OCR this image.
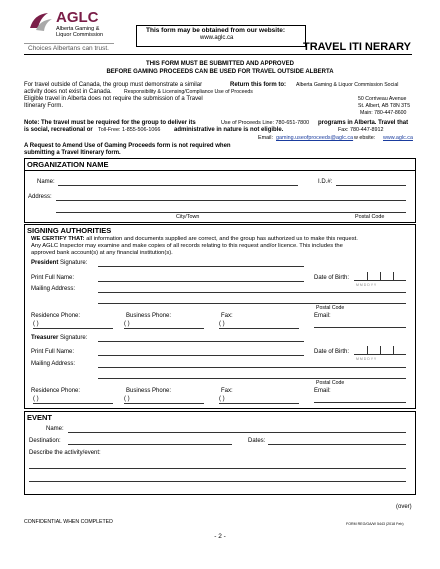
AGLC
Alberta Gaming &
Liquor Commission
Choices Albertans can trust.
This form may be obtained from our website:
www.aglc.ca
TRAVEL ITI NERARY
THIS FORM MUST BE SUBMITTED AND APPROVED
BEFORE GAMING PROCEEDS CAN BE USED FOR TRAVEL OUTSIDE ALBERTA
For travel outside of Canada, the group must demonstrate a similar	Return this form to: Alberta Gaming & Liquor Commission Social
activity does not exist in Canada. Responsibility & Licensing/Compliance Use of Proceeds
Eligible travel in Alberta does not require the submission of a Travel	50 Corriveau Avenue
Itinerary Form.	St. Albert, AB T8N 3T5
Main: 780-447-8600
Note: The travel must be required for the group to deliver its	Use of Proceeds Line: 780-651-7800 programs in Alberta. Travel that
is social, recreational or Toll-Free: 1-855-506-1066 administrative in nature is not eligible.	Fax: 780-447-8912
Email: gaming.useofproceeds@aglc.ca w ebsite: www.aglc.ca
A Request to Amend Use of Gaming Proceeds form is not required when
submitting a Travel Itinerary form.
ORGANIZATION NAME
Name:	I.D.#:
Address:
City/Town	Postal Code
SIGNING AUTHORITIES
WE CERTIFY THAT: all information and documents supplied are correct, and the group has authorized us to make this request.
Any AGLC Inspector may examine and make copies of all records relating to this request and/or licence. This includes the
approved bank account(s) at any financial institution(s).
President Signature:
Print Full Name:	Date of Birth:
M M D D Y Y
Mailing Address:
Postal Code
Residence Phone:	Business Phone:	Fax:	Email:
( )	( )	( )
Treasurer Signature:
Print Full Name:	Date of Birth:
M M D D Y Y
Mailing Address:
Postal Code
Residence Phone:	Business Phone:	Fax:	Email:
( )	( )	( )
EVENT
Name:
Destination:	Dates:
Describe the activity/event:
(over)
CONFIDENTIAL WHEN COMPLETED	FORM REG/GA/W 5443 (2018 Feb)
- 2 -
